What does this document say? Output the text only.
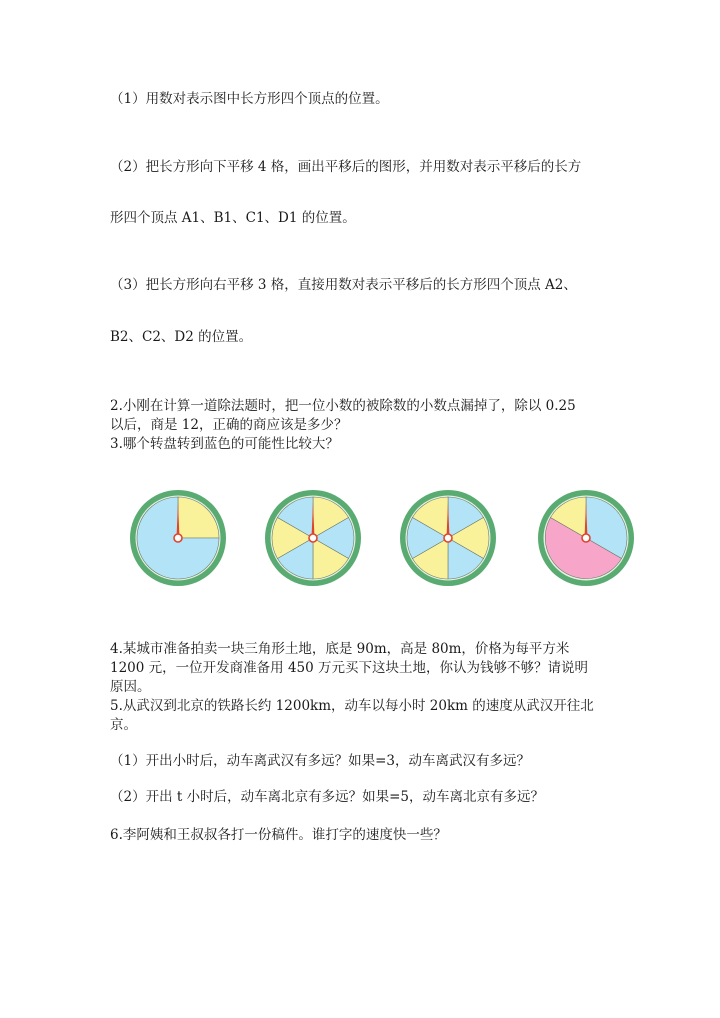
（1）用数对表示图中长方形四个顶点的位置。
（2）把长方形向下平移 4 格，画出平移后的图形，并用数对表示平移后的长方
形四个顶点 A1、B1、C1、D1 的位置。
（3）把长方形向右平移 3 格，直接用数对表示平移后的长方形四个顶点 A2、
B2、C2、D2 的位置。
2.小刚在计算一道除法题时，把一位小数的被除数的小数点漏掉了，除以 0.25
以后，商是 12，正确的商应该是多少？
3.哪个转盘转到蓝色的可能性比较大？
4.某城市准备拍卖一块三角形土地，底是 90m，高是 80m，价格为每平方米
1200 元，一位开发商准备用 450 万元买下这块土地，你认为钱够不够？请说明
原因。
5.从武汉到北京的铁路长约 1200km，动车以每小时 20km 的速度从武汉开往北
京。
（1）开出小时后，动车离武汉有多远？如果=3，动车离武汉有多远？
（2）开出 t 小时后，动车离北京有多远？如果=5，动车离北京有多远？
6.李阿姨和王叔叔各打一份稿件。谁打字的速度快一些？
